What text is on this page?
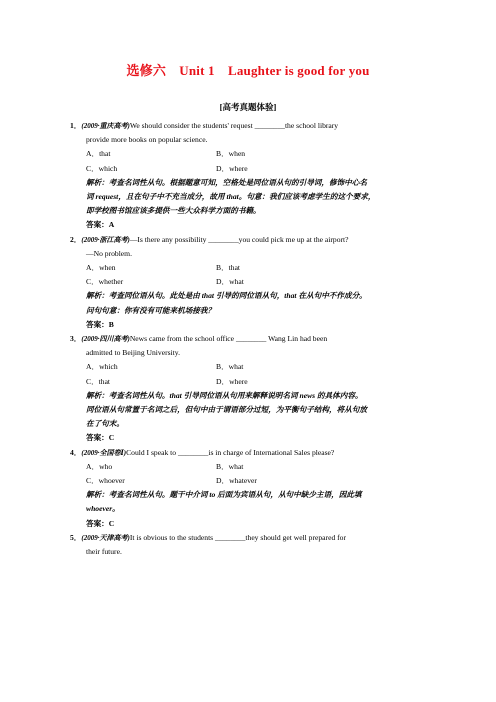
选修六　Unit 1　Laughter is good for you
[高考真题体验]
1．(2009·重庆高考)We should consider the students' request ________the school library
provide more books on popular science.
A．that	B．when
C．which	D．where
解析：考查名词性从句。根据题意可知，空格处是同位语从句的引导词，修饰中心名
词 request，且在句子中不充当成分，故用 that。句意：我们应该考虑学生的这个要求，
即学校图书馆应该多提供一些大众科学方面的书籍。
答案：A
2．(2009·浙江高考)—Is there any possibility ________you could pick me up at the airport?
—No problem.
A．when	B．that
C．whether	D．what
解析：考查同位语从句。此处是由 that 引导的同位语从句，that 在从句中不作成分。
问句句意：你有没有可能来机场接我？
答案：B
3．(2009·四川高考)News came from the school office ________ Wang Lin had been
admitted to Beijing University.
A．which	B．what
C．that	D．where
解析：考查名词性从句。that 引导同位语从句用来解释说明名词 news 的具体内容。
同位语从句常置于名词之后，但句中由于谓语部分过短，为平衡句子结构，将从句放
在了句末。
答案：C
4．(2009·全国卷Ⅰ)Could I speak to ________is in charge of International Sales please?
A．who	B．what
C．whoever	D．whatever
解析：考查名词性从句。题干中介词 to 后面为宾语从句，从句中缺少主语，因此填
whoever。
答案：C
5．(2009·天津高考)It is obvious to the students ________they should get well prepared for
their future.
